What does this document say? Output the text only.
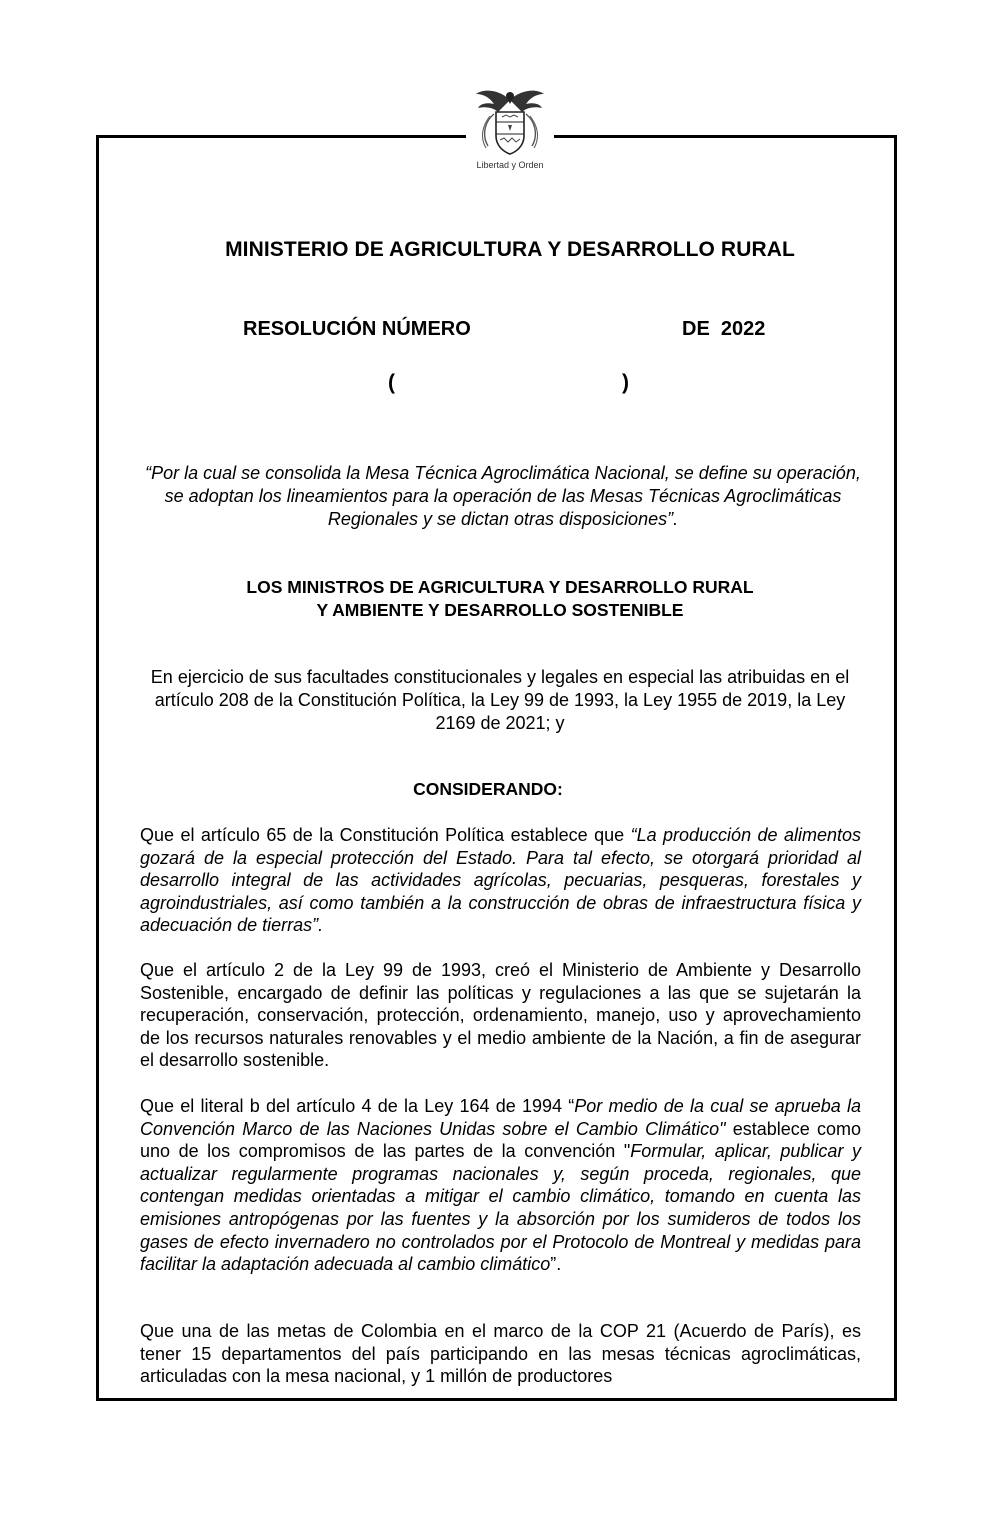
Libertad y Orden
MINISTERIO DE AGRICULTURA Y DESARROLLO RURAL
RESOLUCIÓN NÚMERO	DE  2022
(	)
“Por la cual se consolida la Mesa Técnica Agroclimática Nacional, se define su operación, se adoptan los lineamientos para la operación de las Mesas Técnicas Agroclimáticas Regionales y se dictan otras disposiciones”.
LOS MINISTROS DE AGRICULTURA Y DESARROLLO RURAL
Y AMBIENTE Y DESARROLLO SOSTENIBLE
En ejercicio de sus facultades constitucionales y legales en especial las atribuidas en el artículo 208 de la Constitución Política, la Ley 99 de 1993, la Ley 1955 de 2019, la Ley 2169 de 2021; y
CONSIDERANDO:
Que el artículo 65 de la Constitución Política establece que “La producción de alimentos gozará de la especial protección del Estado. Para tal efecto, se otorgará prioridad al desarrollo integral de las actividades agrícolas, pecuarias, pesqueras, forestales y agroindustriales, así como también a la construcción de obras de infraestructura física y adecuación de tierras”.
Que el artículo 2 de la Ley 99 de 1993, creó el Ministerio de Ambiente y Desarrollo Sostenible, encargado de definir las políticas y regulaciones a las que se sujetarán la recuperación, conservación, protección, ordenamiento, manejo, uso y aprovechamiento de los recursos naturales renovables y el medio ambiente de la Nación, a fin de asegurar el desarrollo sostenible.
Que el literal b del artículo 4 de la Ley 164 de 1994 “Por medio de la cual se aprueba la Convención Marco de las Naciones Unidas sobre el Cambio Climático" establece como uno de los compromisos de las partes de la convención "Formular, aplicar, publicar y actualizar regularmente programas nacionales y, según proceda, regionales, que contengan medidas orientadas a mitigar el cambio climático, tomando en cuenta las emisiones antropógenas por las fuentes y la absorción por los sumideros de todos los gases de efecto invernadero no controlados por el Protocolo de Montreal y medidas para facilitar la adaptación adecuada al cambio climático”.
Que una de las metas de Colombia en el marco de la COP 21 (Acuerdo de París), es tener 15 departamentos del país participando en las mesas técnicas agroclimáticas, articuladas con la mesa nacional, y 1 millón de productores
